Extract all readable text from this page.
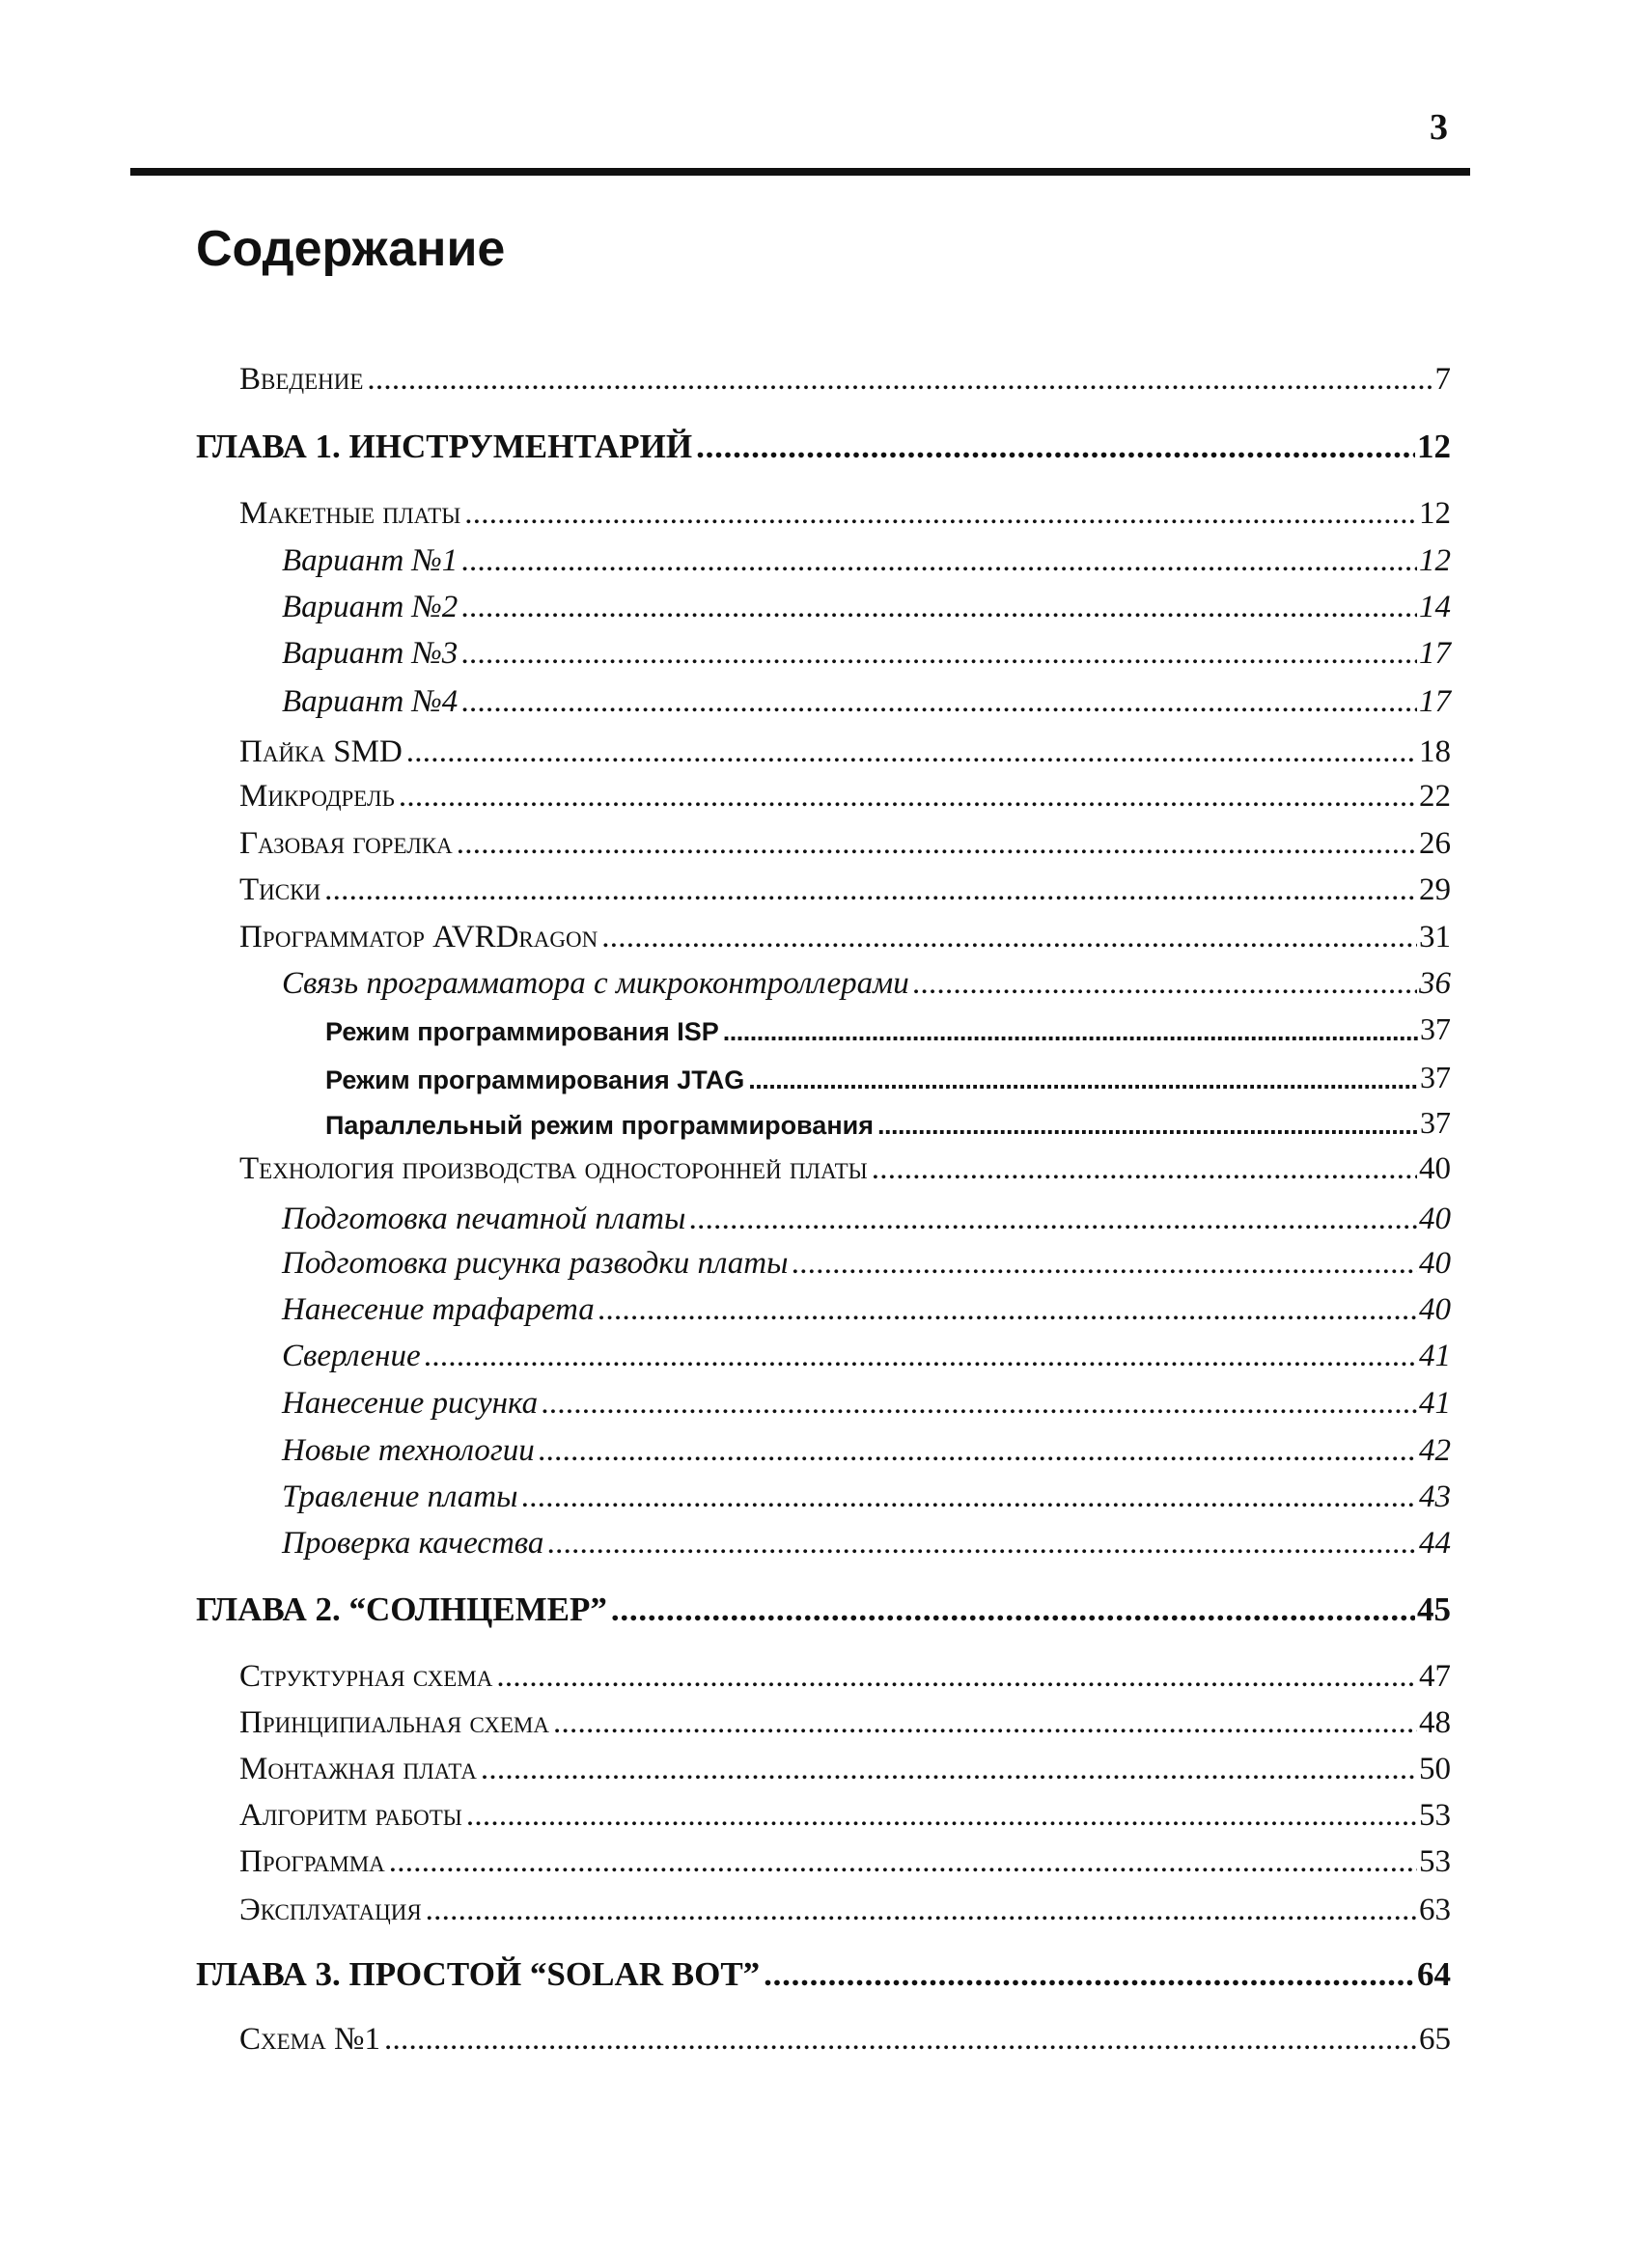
3
Содержание
Введение . . .	7
ГЛАВА 1. ИНСТРУМЕНТАРИЙ . . .	12
Макетные платы . . .	12
Вариант №1 . . .	12
Вариант №2 . . .	14
Вариант №3 . . .	17
Вариант №4 . . .	17
Пайка SMD . . .	18
Микродрель . . .	22
Газовая горелка . . .	26
Тиски . . .	29
Программатор AVRDragon . . .	31
Связь программатора с микроконтроллерами . . .	36
Режим программирования ISP . . .	37
Режим программирования JTAG . . .	37
Параллельный режим программирования . . .	37
Технология производства односторонней платы . . .	40
Подготовка печатной платы . . .	40
Подготовка рисунка разводки платы . . .	40
Нанесение трафарета . . .	40
Сверление . . .	41
Нанесение рисунка . . .	41
Новые технологии . . .	42
Травление платы . . .	43
Проверка качества . . .	44
ГЛАВА 2. “СОЛНЦЕМЕР” . . .	45
Структурная схема . . .	47
Принципиальная схема . . .	48
Монтажная плата . . .	50
Алгоритм работы . . .	53
Программа . . .	53
Эксплуатация . . .	63
ГЛАВА 3. ПРОСТОЙ “SOLAR BOT” . . .	64
Схема №1 . . .	65
